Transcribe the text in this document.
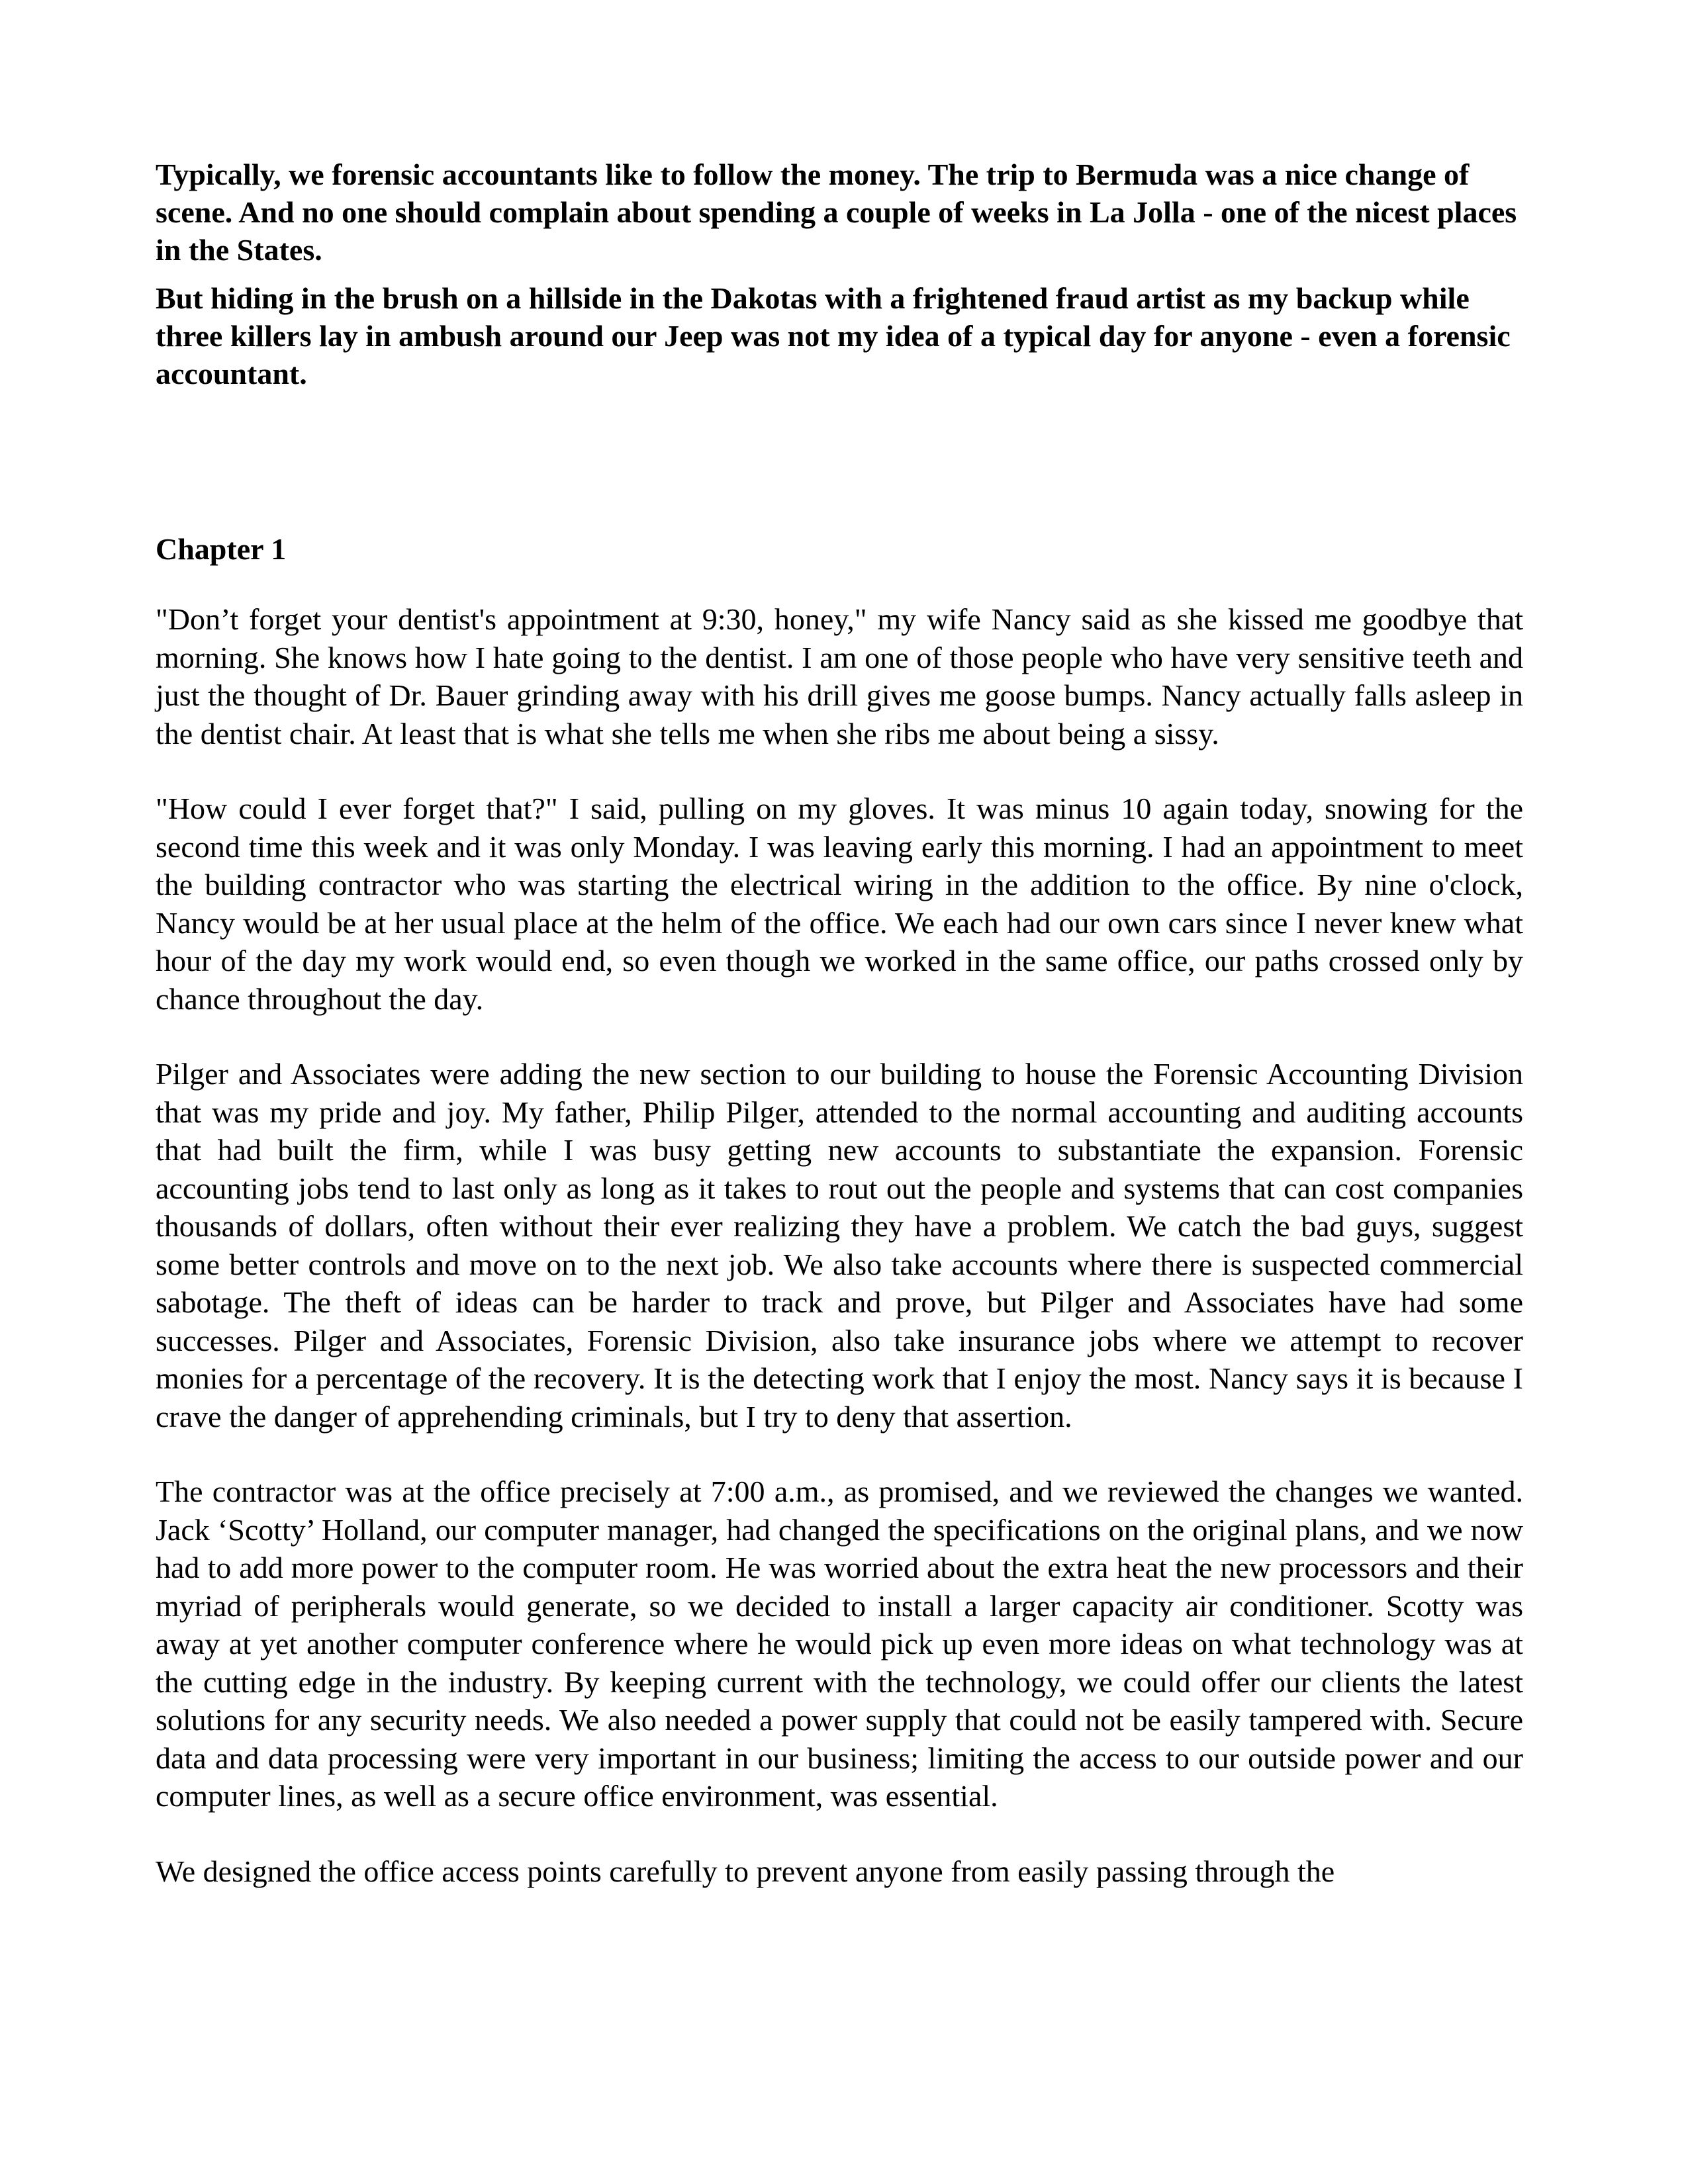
Typically, we forensic accountants like to follow the money. The trip to Bermuda was a nice change of scene. And no one should complain about spending a couple of weeks in La Jolla - one of the nicest places in the States.

But hiding in the brush on a hillside in the Dakotas with a frightened fraud artist as my backup while three killers lay in ambush around our Jeep was not my idea of a typical day for anyone - even a forensic accountant.

Chapter 1

"Don’t forget your dentist's appointment at 9:30, honey," my wife Nancy said as she kissed me goodbye that morning. She knows how I hate going to the dentist. I am one of those people who have very sensitive teeth and just the thought of Dr. Bauer grinding away with his drill gives me goose bumps. Nancy actually falls asleep in the dentist chair. At least that is what she tells me when she ribs me about being a sissy.

"How could I ever forget that?" I said, pulling on my gloves. It was minus 10 again today, snowing for the second time this week and it was only Monday. I was leaving early this morning. I had an appointment to meet the building contractor who was starting the electrical wiring in the addition to the office. By nine o'clock, Nancy would be at her usual place at the helm of the office. We each had our own cars since I never knew what hour of the day my work would end, so even though we worked in the same office, our paths crossed only by chance throughout the day.

Pilger and Associates were adding the new section to our building to house the Forensic Accounting Division that was my pride and joy. My father, Philip Pilger, attended to the normal accounting and auditing accounts that had built the firm, while I was busy getting new accounts to substantiate the expansion. Forensic accounting jobs tend to last only as long as it takes to rout out the people and systems that can cost companies thousands of dollars, often without their ever realizing they have a problem. We catch the bad guys, suggest some better controls and move on to the next job. We also take accounts where there is suspected commercial sabotage. The theft of ideas can be harder to track and prove, but Pilger and Associates have had some successes. Pilger and Associates, Forensic Division, also take insurance jobs where we attempt to recover monies for a percentage of the recovery. It is the detecting work that I enjoy the most. Nancy says it is because I crave the danger of apprehending criminals, but I try to deny that assertion.

The contractor was at the office precisely at 7:00 a.m., as promised, and we reviewed the changes we wanted. Jack ‘Scotty’ Holland, our computer manager, had changed the specifications on the original plans, and we now had to add more power to the computer room. He was worried about the extra heat the new processors and their myriad of peripherals would generate, so we decided to install a larger capacity air conditioner. Scotty was away at yet another computer conference where he would pick up even more ideas on what technology was at the cutting edge in the industry. By keeping current with the technology, we could offer our clients the latest solutions for any security needs. We also needed a power supply that could not be easily tampered with. Secure data and data processing were very important in our business; limiting the access to our outside power and our computer lines, as well as a secure office environment, was essential.

We designed the office access points carefully to prevent anyone from easily passing through the
